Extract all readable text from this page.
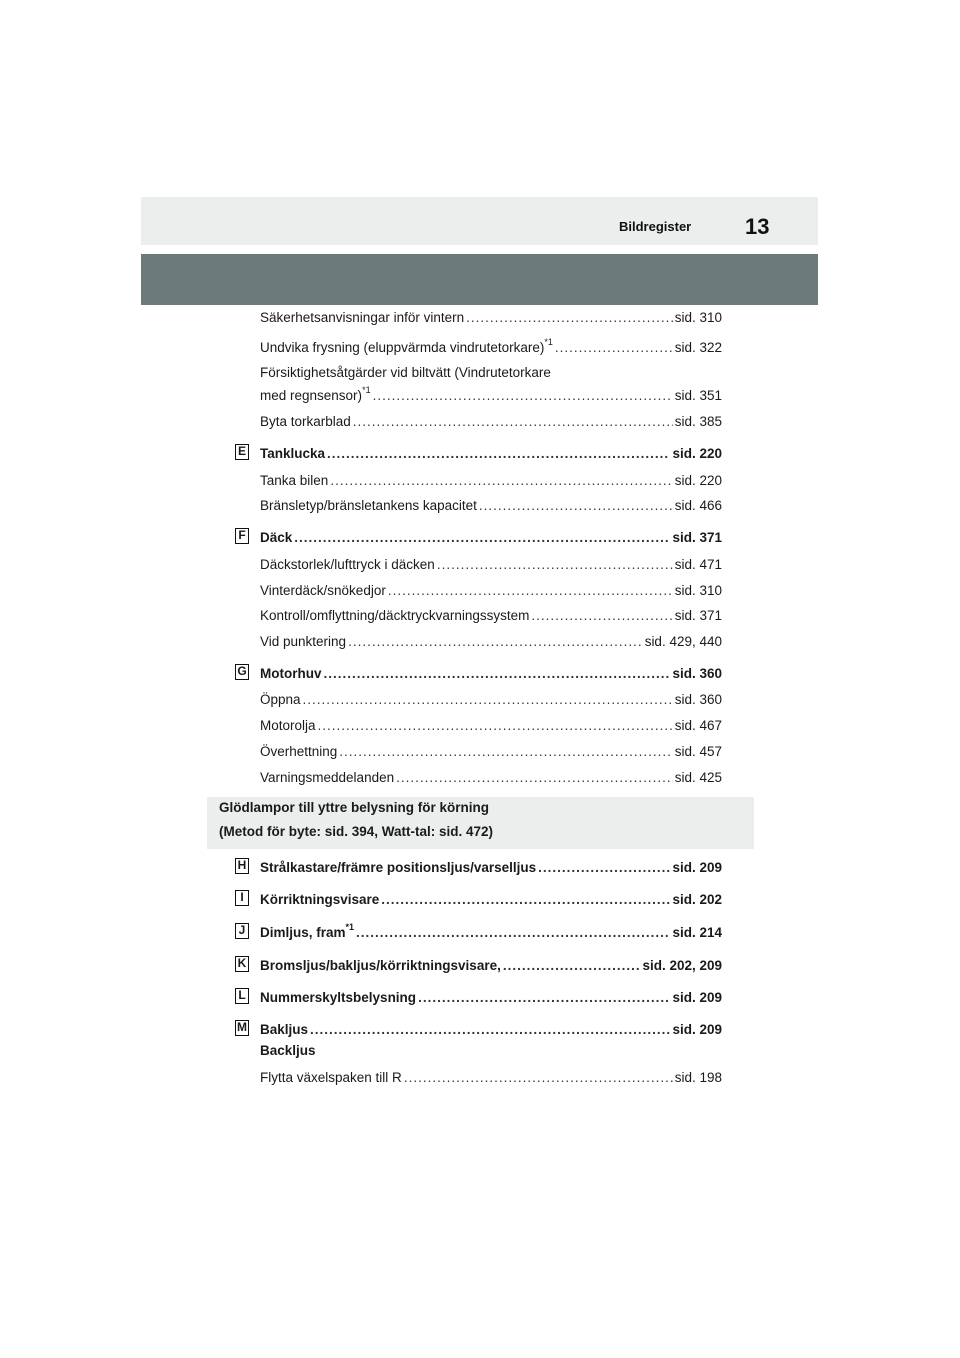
Bildregister 13
Glödlampor till yttre belysning för körning
(Metod för byte: sid. 394, Watt-tal: sid. 472)
Säkerhetsanvisningar inför vintern .....	sid. 310
Undvika frysning (eluppvärmda vindrutetorkare)$^{*1}$ .....	sid. 322
Försiktighetsåtgärder vid biltvätt (Vindrutetorkare
med regnsensor)$^{*1}$ .....	sid. 351
Byta torkarblad .....	sid. 385
E Tanklucka .....	sid. 220
Tanka bilen .....	sid. 220
Bränsletyp/bränsletankens kapacitet .....	sid. 466
F Däck .....	sid. 371
Däckstorlek/lufttryck i däcken .....	sid. 471
Vinterdäck/snökedjor .....	sid. 310
Kontroll/omflyttning/däcktryckvarningssystem .....	sid. 371
Vid punktering .....	sid. 429, 440
G Motorhuv .....	sid. 360
Öppna .....	sid. 360
Motorolja .....	sid. 467
Överhettning .....	sid. 457
Varningsmeddelanden .....	sid. 425
H Strålkastare/främre positionsljus/varselljus .....	sid. 209
I	Körriktningsvisare .....	sid. 202
J Dimljus, fram$^{*1}$ .....	sid. 214
K Bromsljus/bakljus/körriktningsvisare, .....	sid. 202, 209
L Nummerskyltsbelysning .....	sid. 209
M Bakljus .....	sid. 209
Backljus
Flytta växelspaken till R .....	sid. 198
